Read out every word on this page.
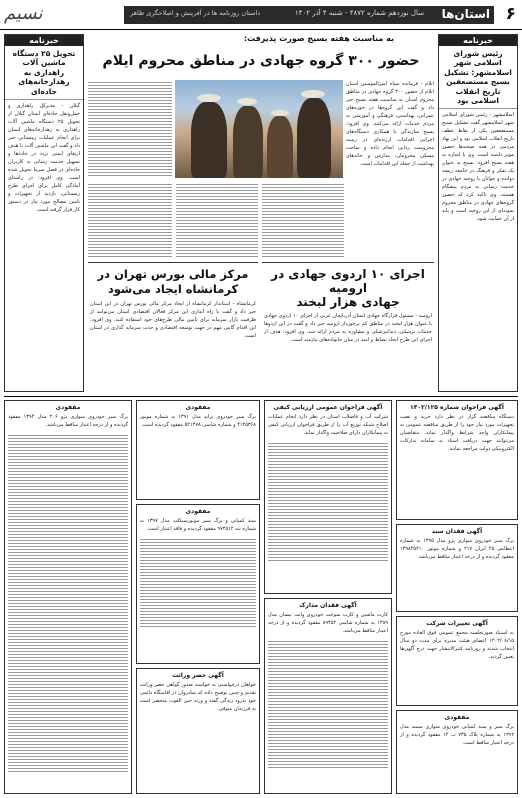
۶
استان‌ها
سال نوزدهم شماره ۴۸۷۲ - شنبه ۴ آذر ۱۴۰۲
داستان روزنامه ها در آفرینش و اصلاحگری ظاهر
نسیم
خبرنامه
رئیس شورای اسلامی شهر اسلامشهر: تشکیل بسیج مستضعفین تاریخ انقلاب اسلامی بود
اسلامشهر - رئیس شورای اسلامی شهر اسلامشهر گفت تشکیل بسیج مستضعفین یکی از نقاط عطف تاریخ انقلاب اسلامی بود و این نهاد مردمی در همه صحنه‌ها حضور موثر داشته است. وی با اشاره به هفته بسیج افزود: بسیج به عنوان یک تفکر و فرهنگ در جامعه ریشه دوانده و جوانان با روحیه جهادی در خدمت رسانی به مردم پیشگام هستند. وی تاکید کرد که حضور گروه‌های جهادی در مناطق محروم نمونه‌ای از این روحیه است و باید از آن حمایت شود.
خبرنامه
تحویل ۲۵ دستگاه ماشین آلات راهداری به رهدارخانه‌های جاده‌ای
گیلان - مدیرکل راهداری و حمل‌ونقل جاده‌ای استان گیلان از تحویل ۲۵ دستگاه ماشین آلات راهداری به رهدارخانه‌های استان برای انجام عملیات زمستانی خبر داد و گفت این ماشین آلات با هدف ارتقای ایمنی تردد در جاده‌ها و تسهیل خدمت رسانی به کاربران جاده‌ای در فصل سرما تحویل شده است. وی افزود: در راستای آمادگی کامل برای اجرای طرح زمستانی، بازدید از تجهیزات و تامین مصالح مورد نیاز در دستور کار قرار گرفته است.
به مناسبت هفته بسیج صورت پذیرفت:
حضور ۳۰۰ گروه جهادی در مناطق محروم ایلام
ایلام - فرمانده سپاه امیرالمومنین استان ایلام از حضور ۳۰۰ گروه جهادی در مناطق محروم استان به مناسبت هفته بسیج خبر داد و گفت این گروه‌ها در حوزه‌های عمرانی، بهداشتی، فرهنگی و آموزشی به مردم خدمات ارائه می‌کنند. وی افزود: بسیج سازندگی با همکاری دستگاه‌های اجرایی اقدامات ارزنده‌ای در زمینه محرومیت زدایی انجام داده و ساخت مسکن محرومان، مدارس و خانه‌های بهداشت از جمله این اقدامات است.
اجرای ۱۰ اردوی جهادی در ارومیه
جهادی هزار لبخند
ارومیه - مسئول قرارگاه جهادی استان آذربایجان غربی از اجرای ۱۰ اردوی جهادی با عنوان هزار لبخند در مناطق کم برخوردار ارومیه خبر داد و گفت در این اردوها خدمات پزشکی، دندانپزشکی و مشاوره به مردم ارائه شد. وی افزود: هدف از اجرای این طرح ایجاد نشاط و امید در میان خانواده‌های نیازمند است.
مرکز مالی بورس تهران در کرمانشاه ایجاد می‌شود
کرمانشاه - استاندار کرمانشاه از ایجاد مرکز مالی بورس تهران در این استان خبر داد و گفت با راه اندازی این مرکز فعالان اقتصادی استان می‌توانند از ظرفیت بازار سرمایه برای تامین مالی طرح‌های خود استفاده کنند. وی افزود: این اقدام گامی مهم در جهت توسعه اقتصادی و جذب سرمایه گذاری در استان است.
آگهی فراخوان شماره ۱۴۰۲/۱۲۵
دستگاه مناقصه گزار در نظر دارد خرید و نصب تجهیزات مورد نیاز خود را از طریق مناقصه عمومی به پیمانکاران واجد شرایط واگذار نماید. متقاضیان می‌توانند جهت دریافت اسناد به سامانه تدارکات الکترونیکی دولت مراجعه نمایند.
آگهی فقدان سند
برگ سبز خودروی سواری پژو مدل ۱۳۹۵ به شماره انتظامی ۴۵ ایران ۲۱۷ و شماره موتور ۱۳۹۸۴۵۲۱۰ مفقود گردیده و از درجه اعتبار ساقط می‌باشد.
آگهی تغییرات شرکت
به استناد صورتجلسه مجمع عمومی فوق العاده مورخ ۱۴۰۲/۰۸/۱۵ اعضای هیئت مدیره برای مدت دو سال انتخاب شدند و روزنامه کثیرالانتشار جهت درج آگهی‌ها تعیین گردید.
مفقودی
برگ سبز و سند کمپانی خودروی سواری سمند مدل ۱۳۹۲ به شماره پلاک ۷۳۵ ب ۱۲ مفقود گردیده و از درجه اعتبار ساقط است.
آگهی فراخوان عمومی ارزیابی کیفی
شرکت آب و فاضلاب استان در نظر دارد انجام عملیات اصلاح شبکه توزیع آب را از طریق فراخوان ارزیابی کیفی به پیمانکاران دارای صلاحیت واگذار نماید.
آگهی فقدان مدارک
کارت ماشین و کارت سوخت خودروی وانت نیسان مدل ۱۳۸۹ به شماره شاسی ۸۹۴۵۲ مفقود گردیده و از درجه اعتبار ساقط می‌باشد.
مفقودی
برگ سبز خودروی پراید مدل ۱۳۹۱ به شماره موتور ۴۱۲۵۳۶۸ و شماره شاسی ۵۲۱۴۷۸ مفقود گردیده است.
مفقودی
سند کمپانی و برگ سبز موتورسیکلت مدل ۱۳۹۷ به شماره تنه ۹۷۴۵۱۲ مفقود گردیده و فاقد اعتبار است.
آگهی حصر وراثت
خواهان درخواستی به خواسته صدور گواهی حصر وراثت تقدیم و چنین توضیح داده که شادروان در اقامتگاه دائمی خود بدرود زندگی گفته و ورثه حین الفوت منحصر است به فرزندان متوفی.
مفقودی
برگ سبز خودروی سواری پژو ۲۰۶ مدل ۱۳۹۴ مفقود گردیده و از درجه اعتبار ساقط می‌باشد.
